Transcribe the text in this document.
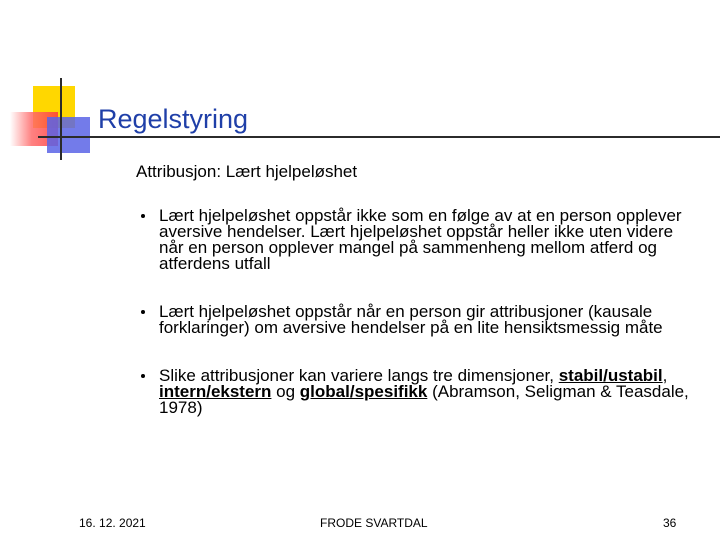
Regelstyring
Attribusjon: Lært hjelpeløshet
Lært hjelpeløshet oppstår ikke som en følge av at en person opplever aversive hendelser. Lært hjelpeløshet oppstår heller ikke uten videre når en person opplever mangel på sammenheng mellom atferd og atferdens utfall
Lært hjelpeløshet oppstår når en person gir attribusjoner (kausale forklaringer) om aversive hendelser på en lite hensiktsmessig måte
Slike attribusjoner kan variere langs tre dimensjoner, stabil/ustabil, intern/ekstern og global/spesifikk (Abramson, Seligman & Teasdale, 1978)
16. 12. 2021	FRODE SVARTDAL	36
